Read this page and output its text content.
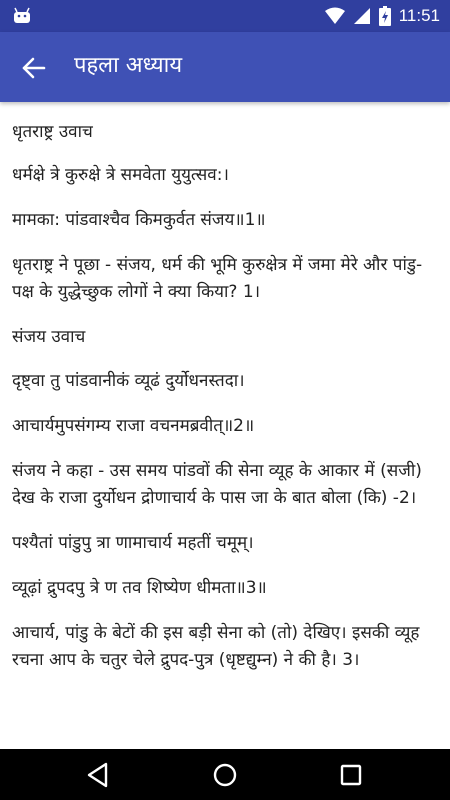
11:51
पहला अध्याय

धृतराष्ट्र उवाच

धर्मक्षे त्रे कुरुक्षे त्रे समवेता युयुत्सव:।

मामका: पांडवाश्चैव किमकुर्वत संजय॥1॥

धृतराष्ट्र ने पूछा - संजय, धर्म की भूमि कुरुक्षेत्र में जमा मेरे और पांडु-पक्ष के युद्धेच्छुक लोगों ने क्या किया? 1।

संजय उवाच

दृष्ट्वा तु पांडवानीकं व्यूढं दुर्योधनस्तदा।

आचार्यमुपसंगम्य राजा वचनमब्रवीत्॥2॥

संजय ने कहा - उस समय पांडवों की सेना व्यूह के आकार में (सजी) देख के राजा दुर्योधन द्रोणाचार्य के पास जा के बात बोला (कि) -2।

पश्यैतां पांडुपु त्रा णामाचार्य महतीं चमूम्।

व्यूढ़ां द्रुपदपु त्रे ण तव शिष्येण धीमता॥3॥

आचार्य, पांडु के बेटों की इस बड़ी सेना को (तो) देखिए। इसकी व्यूह रचना आप के चतुर चेले द्रुपद-पुत्र (धृष्टद्युम्न) ने की है। 3।
